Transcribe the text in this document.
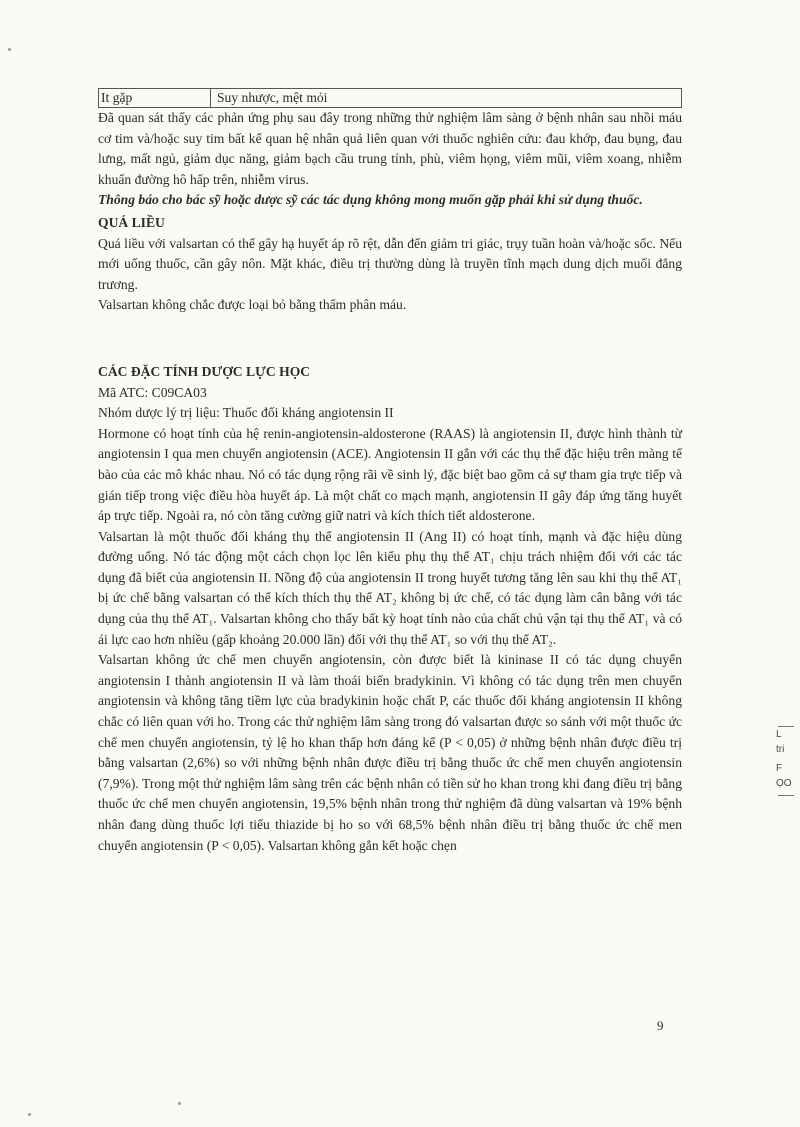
It gặp	Suy nhược, mệt mỏi

Đã quan sát thấy các phản ứng phụ sau đây trong những thử nghiệm lâm sàng ở bệnh nhân sau nhồi máu cơ tim và/hoặc suy tim bất kể quan hệ nhân quả liên quan với thuốc nghiên cứu: đau khớp, đau bụng, đau lưng, mất ngủ, giảm dục năng, giảm bạch cầu trung tính, phù, viêm họng, viêm mũi, viêm xoang, nhiễm khuẩn đường hô hấp trên, nhiễm virus.

Thông báo cho bác sỹ hoặc dược sỹ các tác dụng không mong muốn gặp phải khi sử dụng thuốc.

QUÁ LIỀU

Quá liều với valsartan có thể gây hạ huyết áp rõ rệt, dẫn đến giảm tri giác, trụy tuần hoàn và/hoặc sốc. Nếu mới uống thuốc, cần gây nôn. Mặt khác, điều trị thường dùng là truyền tĩnh mạch dung dịch muối đẳng trương.

Valsartan không chắc được loại bỏ bằng thẩm phân máu.

CÁC ĐẶC TÍNH DƯỢC LỰC HỌC

Mã ATC: C09CA03

Nhóm dược lý trị liệu: Thuốc đối kháng angiotensin II

Hormone có hoạt tính của hệ renin-angiotensin-aldosterone (RAAS) là angiotensin II, được hình thành từ angiotensin I qua men chuyển angiotensin (ACE). Angiotensin II gắn với các thụ thể đặc hiệu trên màng tế bào của các mô khác nhau. Nó có tác dụng rộng rãi về sinh lý, đặc biệt bao gồm cả sự tham gia trực tiếp và gián tiếp trong việc điều hòa huyết áp. Là một chất co mạch mạnh, angiotensin II gây đáp ứng tăng huyết áp trực tiếp. Ngoài ra, nó còn tăng cường giữ natri và kích thích tiết aldosterone.

Valsartan là một thuốc đối kháng thụ thể angiotensin II (Ang II) có hoạt tính, mạnh và đặc hiệu dùng đường uống. Nó tác động một cách chọn lọc lên kiểu phụ thụ thể AT₁ chịu trách nhiệm đối với các tác dụng đã biết của angiotensin II. Nồng độ của angiotensin II trong huyết tương tăng lên sau khi thụ thể AT₁ bị ức chế bằng valsartan có thể kích thích thụ thể AT₂ không bị ức chế, có tác dụng làm cân bằng với tác dụng của thụ thể AT₁. Valsartan không cho thấy bất kỳ hoạt tính nào của chất chủ vận tại thụ thể AT₁ và có ái lực cao hơn nhiều (gấp khoảng 20.000 lần) đối với thụ thể AT₁ so với thụ thể AT₂.

Valsartan không ức chế men chuyển angiotensin, còn được biết là kininase II có tác dụng chuyển angiotensin I thành angiotensin II và làm thoái biến bradykinin. Vì không có tác dụng trên men chuyển angiotensin và không tăng tiềm lực của bradykinin hoặc chất P, các thuốc đối kháng angiotensin II không chắc có liên quan với ho. Trong các thử nghiệm lâm sàng trong đó valsartan được so sánh với một thuốc ức chế men chuyển angiotensin, tỷ lệ ho khan thấp hơn đáng kể (P < 0,05) ở những bệnh nhân được điều trị bằng valsartan (2,6%) so với những bệnh nhân được điều trị bằng thuốc ức chế men chuyển angiotensin (7,9%). Trong một thử nghiệm lâm sàng trên các bệnh nhân có tiền sử ho khan trong khi đang điều trị bằng thuốc ức chế men chuyển angiotensin, 19,5% bệnh nhân trong thử nghiệm đã dùng valsartan và 19% bệnh nhân đang dùng thuốc lợi tiểu thiazide bị ho so với 68,5% bệnh nhân điều trị bằng thuốc ức chế men chuyển angiotensin (P < 0,05). Valsartan không gắn kết hoặc chẹn

9
L
tri
F
ỌO
